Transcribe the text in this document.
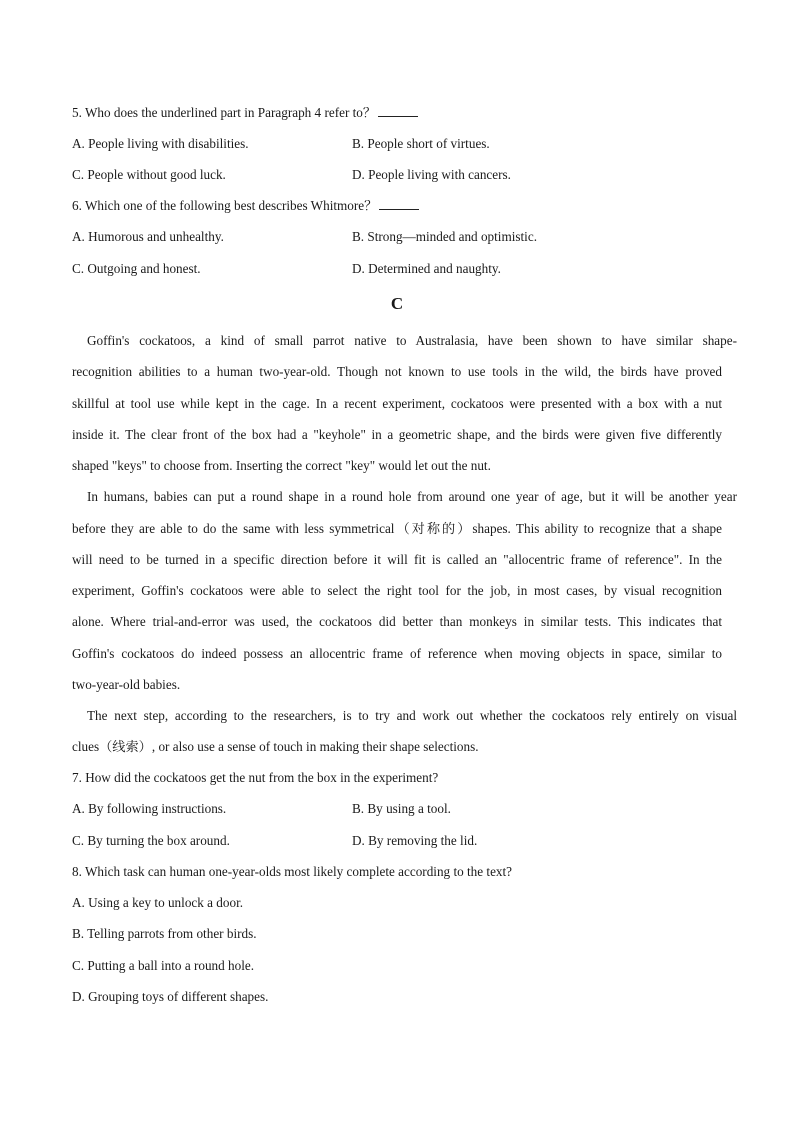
5. Who does the underlined part in Paragraph 4 refer to？
A. People living with disabilities.	B. People short of virtues.
C. People without good luck.	D. People living with cancers.
6. Which one of the following best describes Whitmore？
A. Humorous and unhealthy.	B. Strong—minded and optimistic.
C. Outgoing and honest.	D. Determined and naughty.
C
Goffin's cockatoos, a kind of small parrot native to Australasia, have been shown to have similar shape-
recognition abilities to a human two-year-old. Though not known to use tools in the wild, the birds have proved
skillful at tool use while kept in the cage. In a recent experiment, cockatoos were presented with a box with a nut
inside it. The clear front of the box had a "keyhole" in a geometric shape, and the birds were given five differently
shaped "keys" to choose from. Inserting the correct "key" would let out the nut.
In humans, babies can put a round shape in a round hole from around one year of age, but it will be another year
before they are able to do the same with less symmetrical（对称的）shapes. This ability to recognize that a shape
will need to be turned in a specific direction before it will fit is called an "allocentric frame of reference". In the
experiment, Goffin's cockatoos were able to select the right tool for the job, in most cases, by visual recognition
alone. Where trial-and-error was used, the cockatoos did better than monkeys in similar tests. This indicates that
Goffin's cockatoos do indeed possess an allocentric frame of reference when moving objects in space, similar to
two-year-old babies.
The next step, according to the researchers, is to try and work out whether the cockatoos rely entirely on visual
clues（线索）, or also use a sense of touch in making their shape selections.
7. How did the cockatoos get the nut from the box in the experiment?
A. By following instructions.	B. By using a tool.
C. By turning the box around.	D. By removing the lid.
8. Which task can human one-year-olds most likely complete according to the text?
A. Using a key to unlock a door.
B. Telling parrots from other birds.
C. Putting a ball into a round hole.
D. Grouping toys of different shapes.
